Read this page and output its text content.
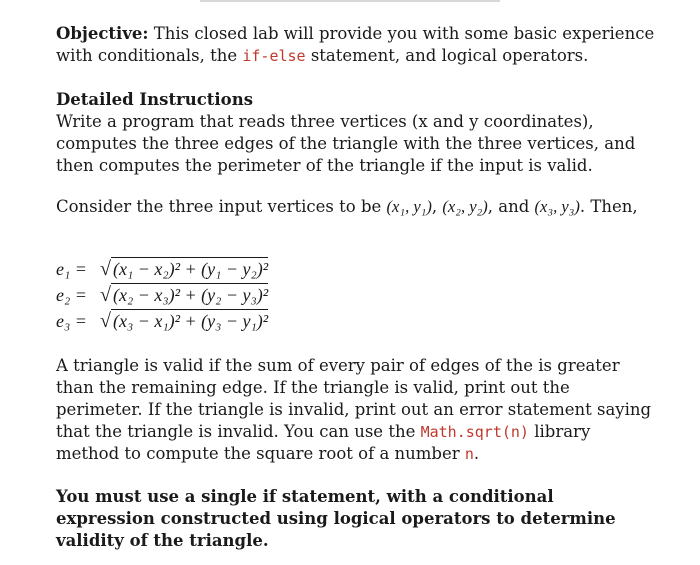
Objective: This closed lab will provide you with some basic experience with conditionals, the if-else statement, and logical operators.

Detailed Instructions

Write a program that reads three vertices (x and y coordinates), computes the three edges of the triangle with the three vertices, and then computes the perimeter of the triangle if the input is valid.

Consider the three input vertices to be (x₁, y₁), (x₂, y₂), and (x₃, y₃). Then,

e₁ = √ (x₁ − x₂)² + (y₁ − y₂)²
e₂ = √ (x₂ − x₃)² + (y₂ − y₃)²
e₃ = √ (x₃ − x₁)² + (y₃ − y₁)²

A triangle is valid if the sum of every pair of edges of the is greater than the remaining edge. If the triangle is valid, print out the perimeter. If the triangle is invalid, print out an error statement saying that the triangle is invalid. You can use the Math.sqrt(n) library method to compute the square root of a number n.

You must use a single if statement, with a conditional expression constructed using logical operators to determine validity of the triangle.
